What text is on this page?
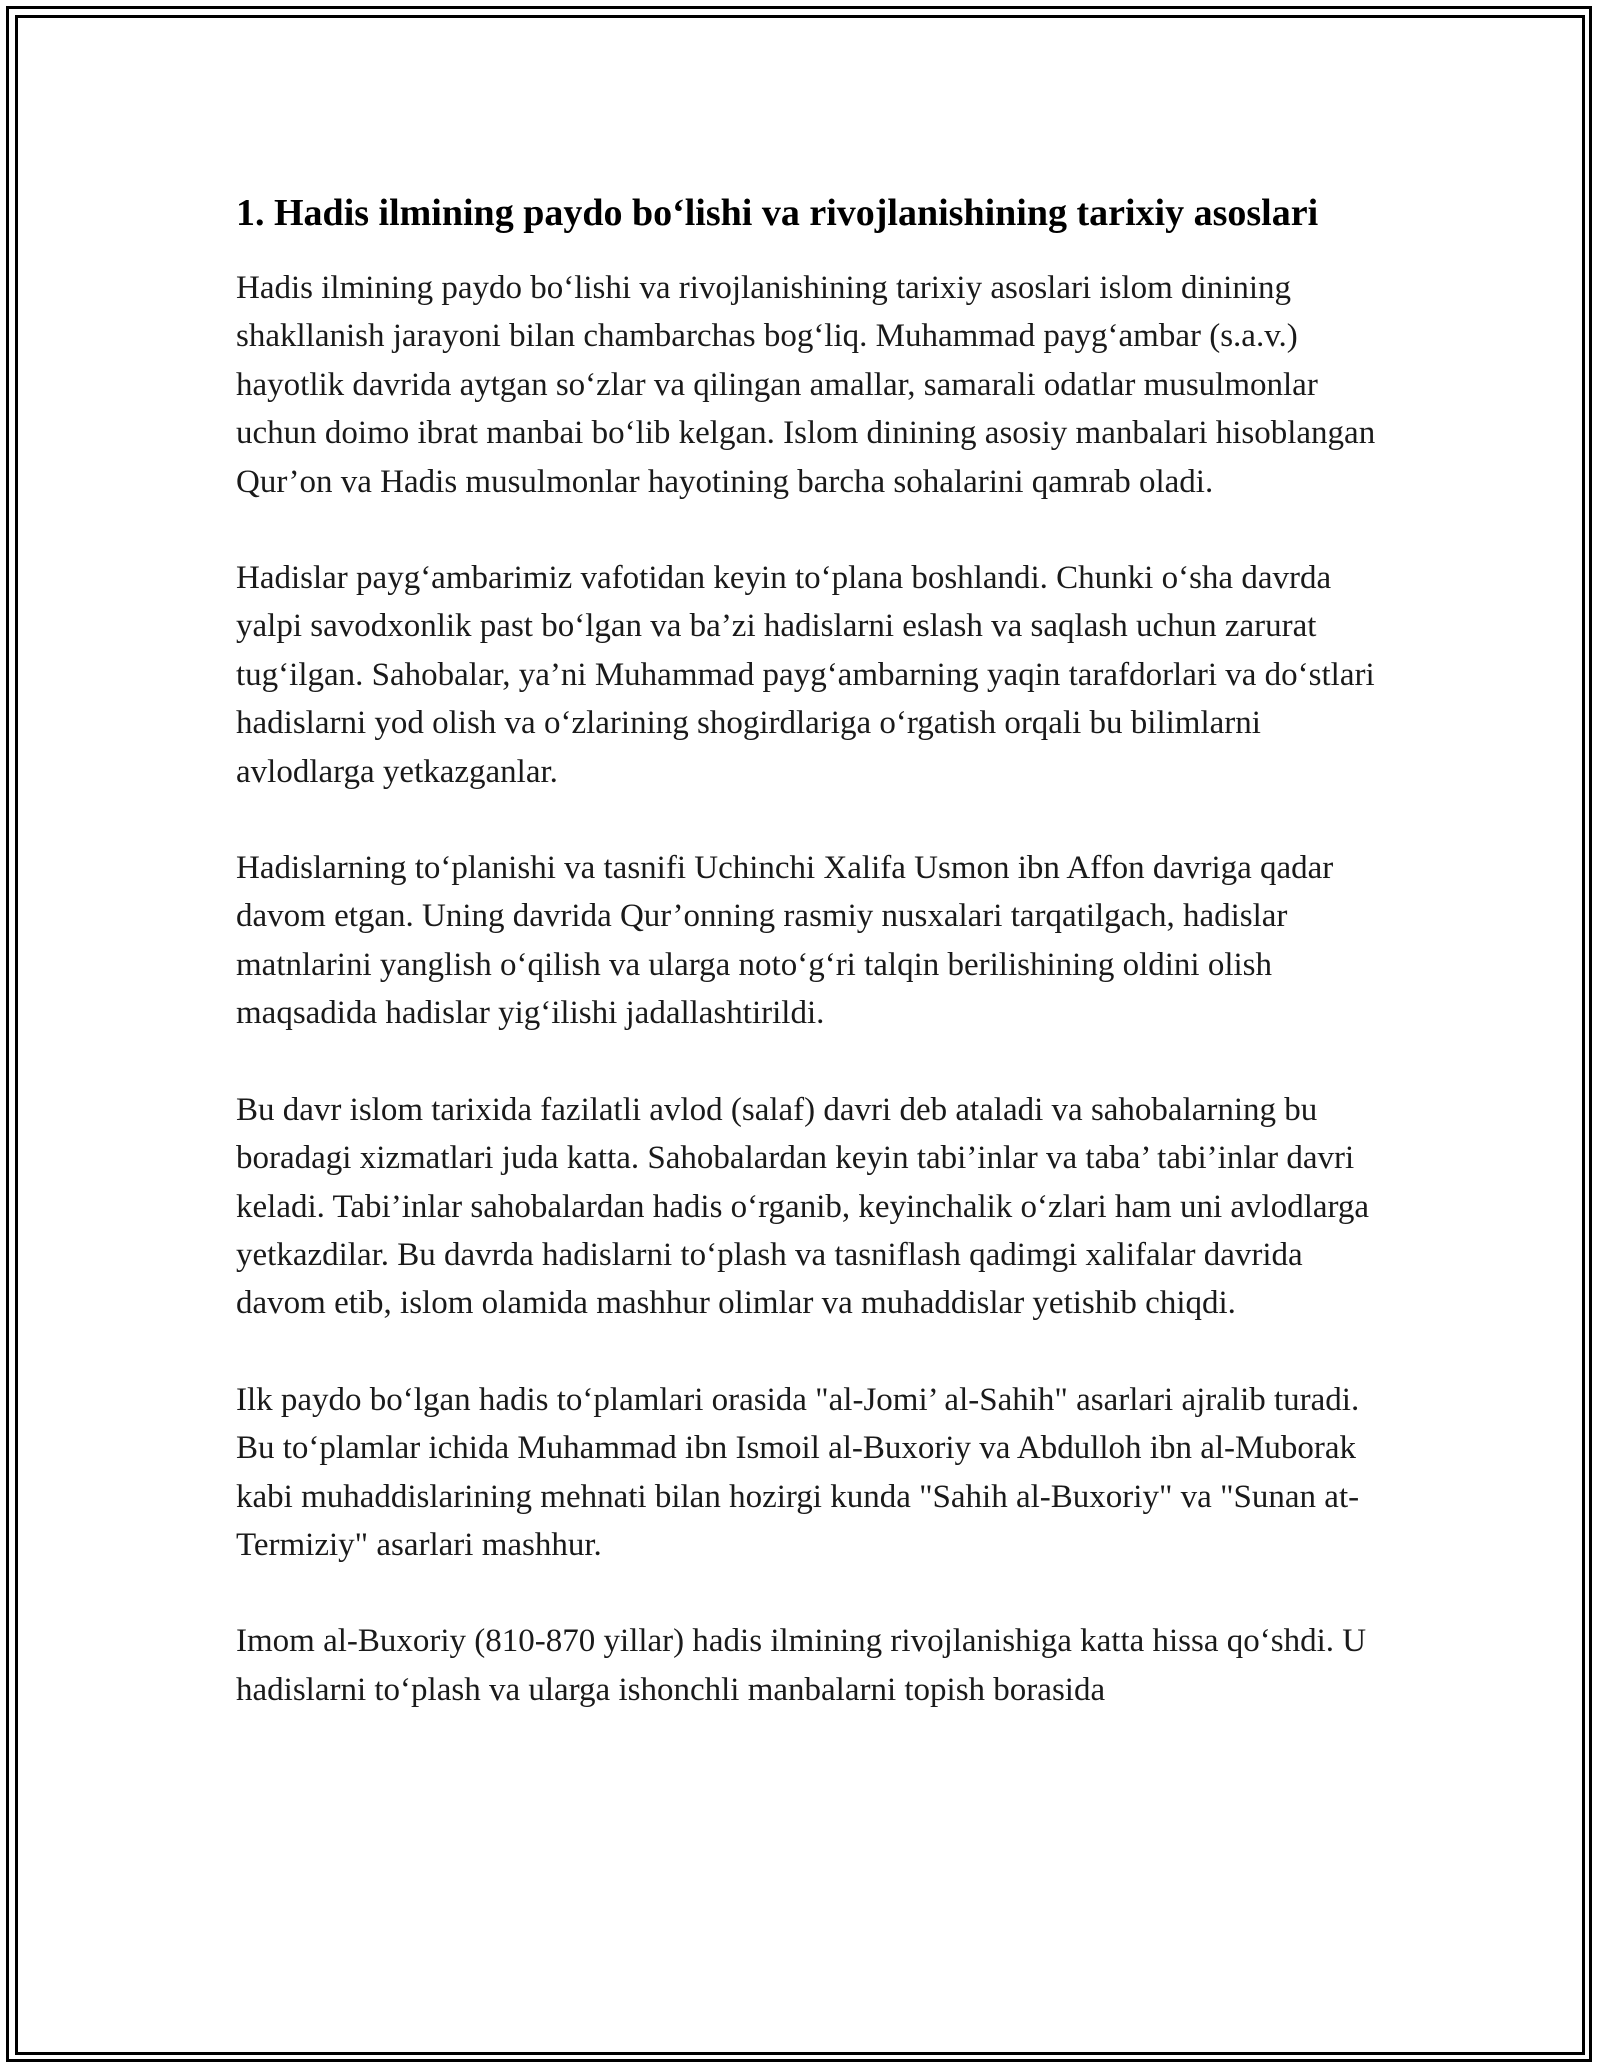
1. Hadis ilmining paydo boʻlishi va rivojlanishining tarixiy asoslari

Hadis ilmining paydo boʻlishi va rivojlanishining tarixiy asoslari islom dinining shakllanish jarayoni bilan chambarchas bogʻliq. Muhammad paygʻambar (s.a.v.) hayotlik davrida aytgan soʻzlar va qilingan amallar, samarali odatlar musulmonlar uchun doimo ibrat manbai boʻlib kelgan. Islom dinining asosiy manbalari hisoblangan Qur’on va Hadis musulmonlar hayotining barcha sohalarini qamrab oladi.

Hadislar paygʻambarimiz vafotidan keyin toʻplana boshlandi. Chunki oʻsha davrda yalpi savodxonlik past boʻlgan va ba’zi hadislarni eslash va saqlash uchun zarurat tugʻilgan. Sahobalar, ya’ni Muhammad paygʻambarning yaqin tarafdorlari va doʻstlari hadislarni yod olish va oʻzlarining shogirdlariga oʻrgatish orqali bu bilimlarni avlodlarga yetkazganlar.

Hadislarning toʻplanishi va tasnifi Uchinchi Xalifa Usmon ibn Affon davriga qadar davom etgan. Uning davrida Qur’onning rasmiy nusxalari tarqatilgach, hadislar matnlarini yanglish oʻqilish va ularga notoʻgʻri talqin berilishining oldini olish maqsadida hadislar yigʻilishi jadallashtirildi.

Bu davr islom tarixida fazilatli avlod (salaf) davri deb ataladi va sahobalarning bu boradagi xizmatlari juda katta. Sahobalardan keyin tabi’inlar va taba’ tabi’inlar davri keladi. Tabi’inlar sahobalardan hadis oʻrganib, keyinchalik oʻzlari ham uni avlodlarga yetkazdilar. Bu davrda hadislarni toʻplash va tasniflash qadimgi xalifalar davrida davom etib, islom olamida mashhur olimlar va muhaddislar yetishib chiqdi.

Ilk paydo boʻlgan hadis toʻplamlari orasida "al-Jomi’ al-Sahih" asarlari ajralib turadi. Bu toʻplamlar ichida Muhammad ibn Ismoil al-Buxoriy va Abdulloh ibn al-Muborak kabi muhaddislarining mehnati bilan hozirgi kunda "Sahih al-Buxoriy" va "Sunan at-Termiziy" asarlari mashhur.

Imom al-Buxoriy (810-870 yillar) hadis ilmining rivojlanishiga katta hissa qoʻshdi. U hadislarni toʻplash va ularga ishonchli manbalarni topish borasida
